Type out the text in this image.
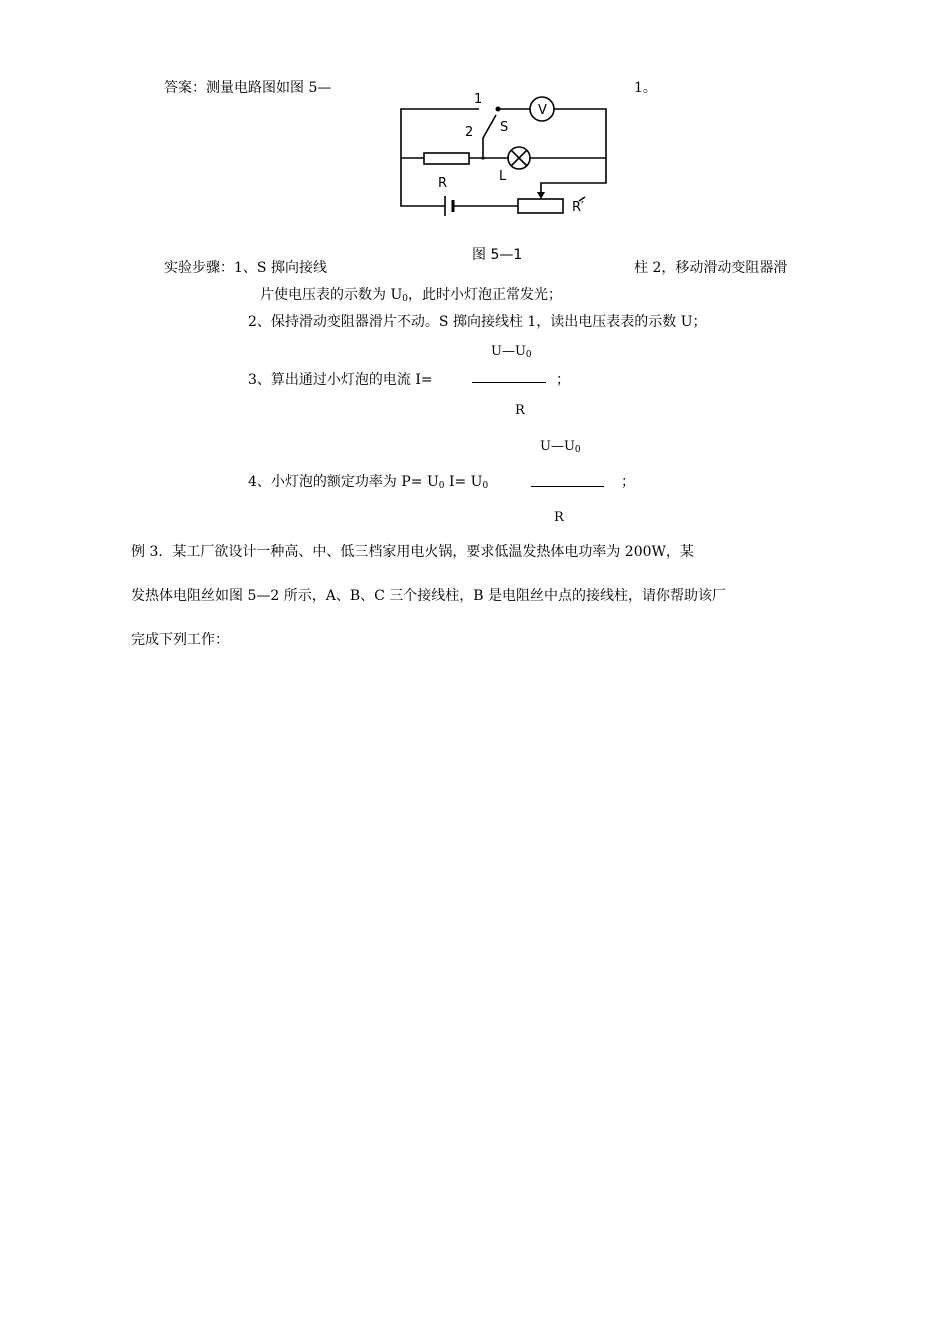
答案：测量电路图如图 5—	1。
1
2 S
V
R	L
R′
图 5—1
实验步骤：1、S 掷向接线	柱 2，移动滑动变阻器滑
片使电压表的示数为 $U_0$，此时小灯泡正常发光；
2、保持滑动变阻器滑片不动。S 掷向接线柱 1，读出电压表表的示数 U；
$U—U_0$
3、算出通过小灯泡的电流 I=	；
R
$U—U_0$
4、小灯泡的额定功率为 $P= U_0$ $I= U_0$	；
R
例 3．某工厂欲设计一种高、中、低三档家用电火锅，要求低温发热体电功率为 200W，某
发热体电阻丝如图 5—2 所示，A、B、C 三个接线柱，B 是电阻丝中点的接线柱，请你帮助该厂
完成下列工作：
